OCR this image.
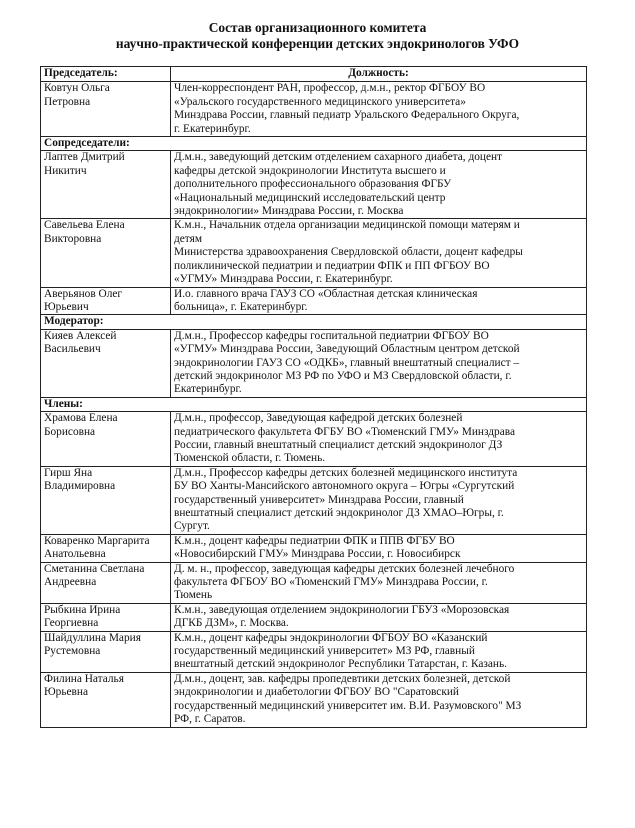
Состав организационного комитета
научно-практической конференции детских эндокринологов УФО
Председатель:	Должность:

Ковтун Ольга
Петровна	Член-корреспондент РАН, профессор, д.м.н., ректор ФГБОУ ВО
«Уральского государственного медицинского университета»
Минздрава России, главный педиатр Уральского Федерального Округа,
г. Екатеринбург.

Сопредседатели:	

Лаптев Дмитрий
Никитич	Д.м.н., заведующий детским отделением сахарного диабета, доцент
кафедры детской эндокринологии Института высшего и
дополнительного профессионального образования ФГБУ
«Национальный медицинский исследовательский центр
эндокринологии» Минздрава России, г. Москва

Савельева Елена
Викторовна	К.м.н., Начальник отдела организации медицинской помощи матерям и
детям
Министерства здравоохранения Свердловской области, доцент кафедры
поликлинической педиатрии и педиатрии ФПК и ПП ФГБОУ ВО
«УГМУ» Минздрава России, г. Екатеринбург.

Аверьянов Олег
Юрьевич	И.о. главного врача ГАУЗ СО «Областная детская клиническая
больница», г. Екатеринбург.

Модератор:	

Кияев Алексей
Васильевич	Д.м.н., Профессор кафедры госпитальной педиатрии ФГБОУ ВО
«УГМУ» Минздрава России, Заведующий Областным центром детской
эндокринологии ГАУЗ СО «ОДКБ», главный внештатный специалист –
детский эндокринолог МЗ РФ по УФО и МЗ Свердловской области, г.
Екатеринбург.

Члены:	

Храмова Елена
Борисовна	Д.м.н., профессор, Заведующая кафедрой детских болезней
педиатрического факультета ФГБУ ВО «Тюменский ГМУ» Минздрава
России, главный внештатный специалист детский эндокринолог ДЗ
Тюменской области, г. Тюмень.

Гирш Яна
Владимировна	Д.м.н., Профессор кафедры детских болезней медицинского института
БУ ВО Ханты-Мансийского автономного округа – Югры «Сургутский
государственный университет» Минздрава России, главный
внештатный специалист детский эндокринолог ДЗ ХМАО–Югры, г.
Сургут.

Коваренко Маргарита
Анатольевна	К.м.н., доцент кафедры педиатрии ФПК и ППВ ФГБУ ВО
«Новосибирский ГМУ» Минздрава России, г. Новосибирск

Сметанина Светлана
Андреевна	Д. м. н., профессор, заведующая кафедры детских болезней лечебного
факультета ФГБОУ ВО «Тюменский ГМУ» Минздрава России, г.
Тюмень

Рыбкина Ирина
Георгиевна	К.м.н., заведующая отделением эндокринологии ГБУЗ «Морозовская
ДГКБ ДЗМ», г. Москва.

Шайдуллина Мария
Рустемовна	К.м.н., доцент кафедры эндокринологии ФГБОУ ВО «Казанский
государственный медицинский университет» МЗ РФ, главный
внештатный детский эндокринолог Республики Татарстан, г. Казань.

Филина Наталья
Юрьевна	Д.м.н., доцент, зав. кафедры пропедевтики детских болезней, детской
эндокринологии и диабетологии ФГБОУ ВО "Саратовский
государственный медицинский университет им. В.И. Разумовского" МЗ
РФ, г. Саратов.
